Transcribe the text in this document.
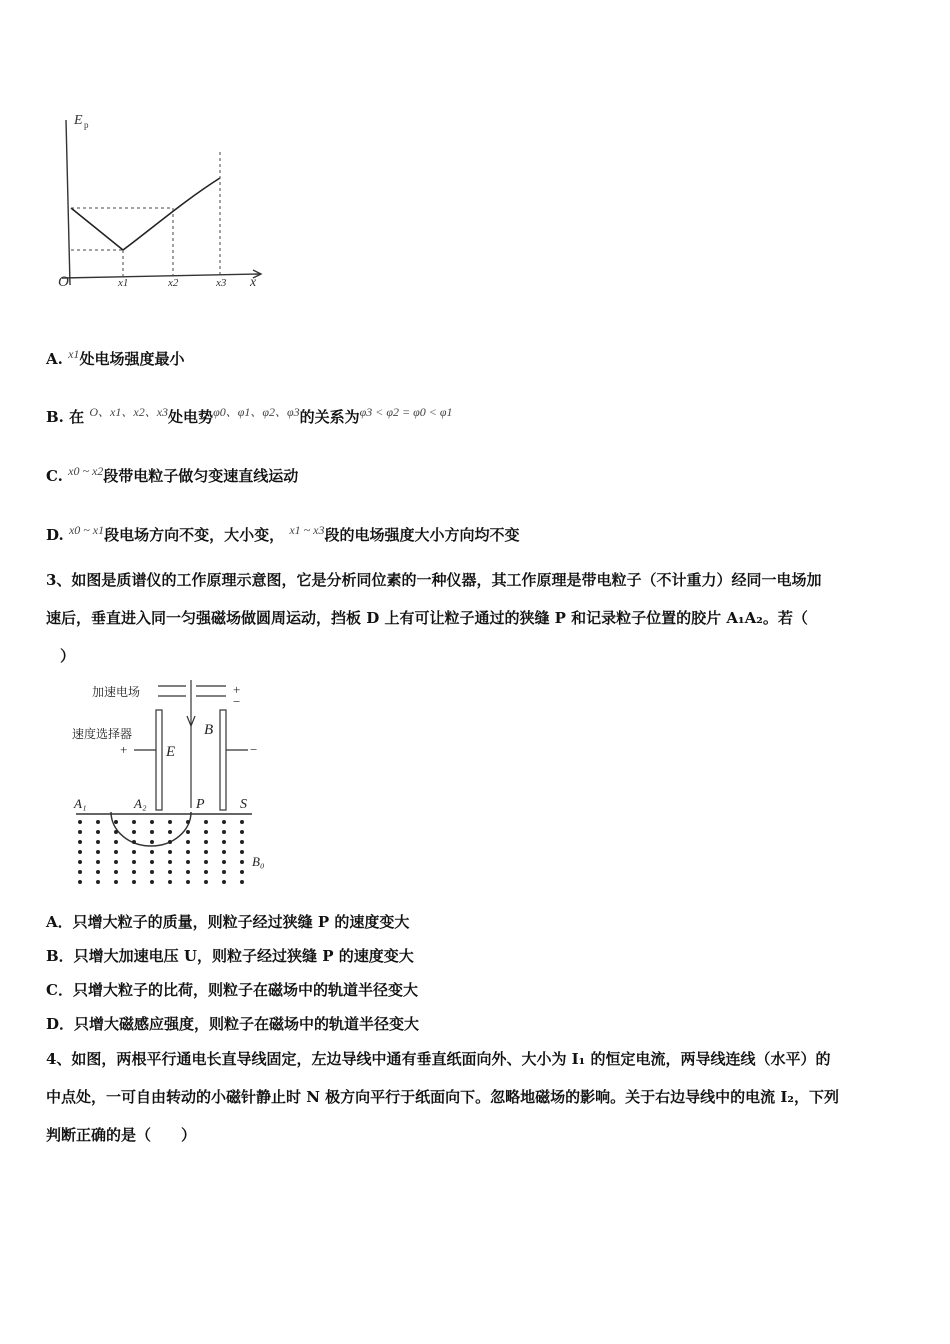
E p
O	x
x1	x2	x3
A. $^{x1}$处电场强度最小
B. 在 $^{O、x1、x2、x3}$处电势$^{\varphi 0、\varphi 1、\varphi 2、\varphi 3}$的关系为$^{\varphi 3 < \varphi 2 = \varphi 0 < \varphi 1}$
C. $^{x0 \sim x2}$段带电粒子做匀变速直线运动
D. $^{x0 \sim x1}$段电场方向不变，大小变， $^{x1 \sim x3}$段的电场强度大小方向均不变
3、如图是质谱仪的工作原理示意图，它是分析同位素的一种仪器，其工作原理是带电粒子（不计重力）经同一电场加
速后，垂直进入同一匀强磁场做圆周运动，挡板 D 上有可让粒子通过的狭缝 P 和记录粒子位置的胶片 A₁A₂。若（
）
加速电场
速度选择器
+
−
+	−
E
B
A₁	A₂	P	S
B₀
A．只增大粒子的质量，则粒子经过狭缝 P 的速度变大
B．只增大加速电压 U，则粒子经过狭缝 P 的速度变大
C．只增大粒子的比荷，则粒子在磁场中的轨道半径变大
D．只增大磁感应强度，则粒子在磁场中的轨道半径变大
4、如图，两根平行通电长直导线固定，左边导线中通有垂直纸面向外、大小为 I₁ 的恒定电流，两导线连线（水平）的
中点处，一可自由转动的小磁针静止时 N 极方向平行于纸面向下。忽略地磁场的影响。关于右边导线中的电流 I₂，下列
判断正确的是（　　）
